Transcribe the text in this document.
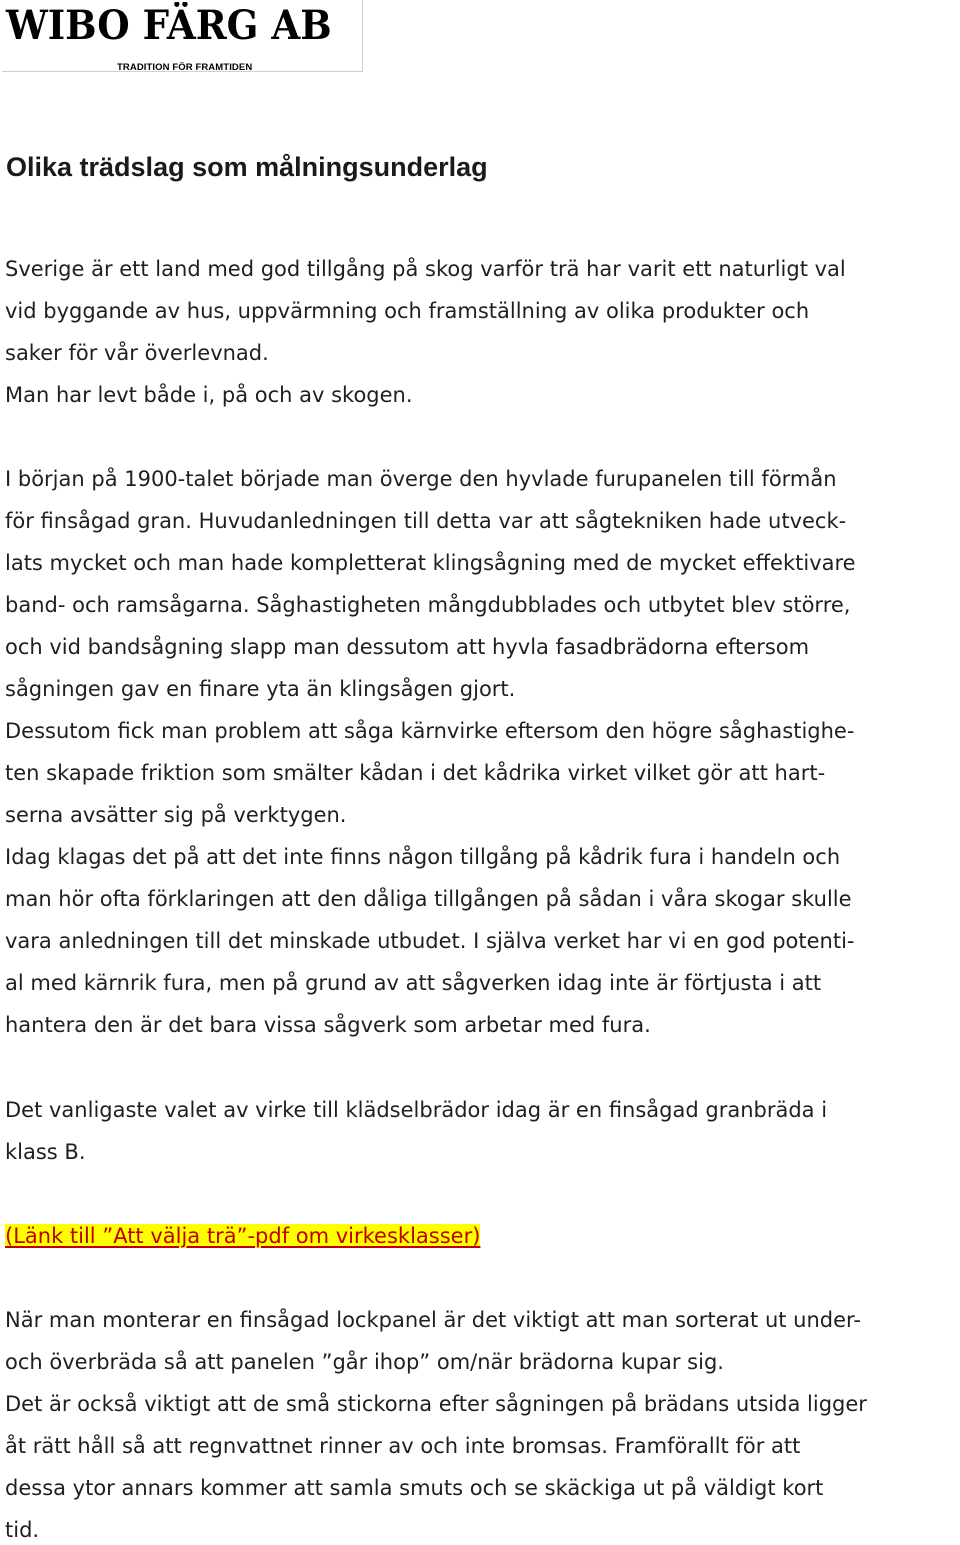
WIBO FÄRG AB
TRADITION FÖR FRAMTIDEN
Olika trädslag som målningsunderlag

Sverige är ett land med god tillgång på skog varför trä har varit ett naturligt val

vid byggande av hus, uppvärmning och framställning av olika produkter och

saker för vår överlevnad.

Man har levt både i, på och av skogen.

I början på 1900-talet började man överge den hyvlade furupanelen till förmån

för finsågad gran. Huvudanledningen till detta var att sågtekniken hade utveck-

lats mycket och man hade kompletterat klingsågning med de mycket effektivare

band- och ramsågarna. Såghastigheten mångdubblades och utbytet blev större,

och vid bandsågning slapp man dessutom att hyvla fasadbrädorna eftersom

sågningen gav en finare yta än klingsågen gjort.

Dessutom fick man problem att såga kärnvirke eftersom den högre såghastighe-

ten skapade friktion som smälter kådan i det kådrika virket vilket gör att hart-

serna avsätter sig på verktygen.

Idag klagas det på att det inte finns någon tillgång på kådrik fura i handeln och

man hör ofta förklaringen att den dåliga tillgången på sådan i våra skogar skulle

vara anledningen till det minskade utbudet. I själva verket har vi en god potenti-

al med kärnrik fura, men på grund av att sågverken idag inte är förtjusta i att

hantera den är det bara vissa sågverk som arbetar med fura.

Det vanligaste valet av virke till klädselbrädor idag är en finsågad granbräda i

klass B.

(Länk till ”Att välja trä”-pdf om virkesklasser)

När man monterar en finsågad lockpanel är det viktigt att man sorterat ut under-

och överbräda så att panelen ”går ihop” om/när brädorna kupar sig.

Det är också viktigt att de små stickorna efter sågningen på brädans utsida ligger

åt rätt håll så att regnvattnet rinner av och inte bromsas. Framförallt för att

dessa ytor annars kommer att samla smuts och se skäckiga ut på väldigt kort

tid.
